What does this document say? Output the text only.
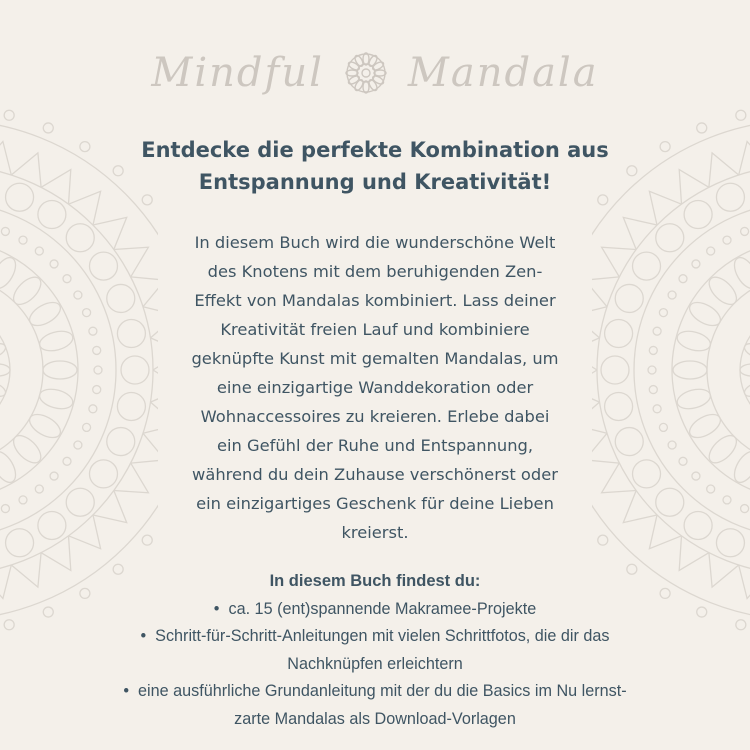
Mindful Mandala
Entdecke die perfekte Kombination aus
Entspannung und Kreativität!

In diesem Buch wird die wunderschöne Welt
des Knotens mit dem beruhigenden Zen-
Effekt von Mandalas kombiniert. Lass deiner
Kreativität freien Lauf und kombiniere
geknüpfte Kunst mit gemalten Mandalas, um
eine einzigartige Wanddekoration oder
Wohnaccessoires zu kreieren. Erlebe dabei
ein Gefühl der Ruhe und Entspannung,
während du dein Zuhause verschönerst oder
ein einzigartiges Geschenk für deine Lieben
kreierst.

In diesem Buch findest du:
•  ca. 15 (ent)spannende Makramee-Projekte
•  Schritt-für-Schritt-Anleitungen mit vielen Schrittfotos, die dir das
Nachknüpfen erleichtern
•  eine ausführliche Grundanleitung mit der du die Basics im Nu lernst-
zarte Mandalas als Download-Vorlagen
